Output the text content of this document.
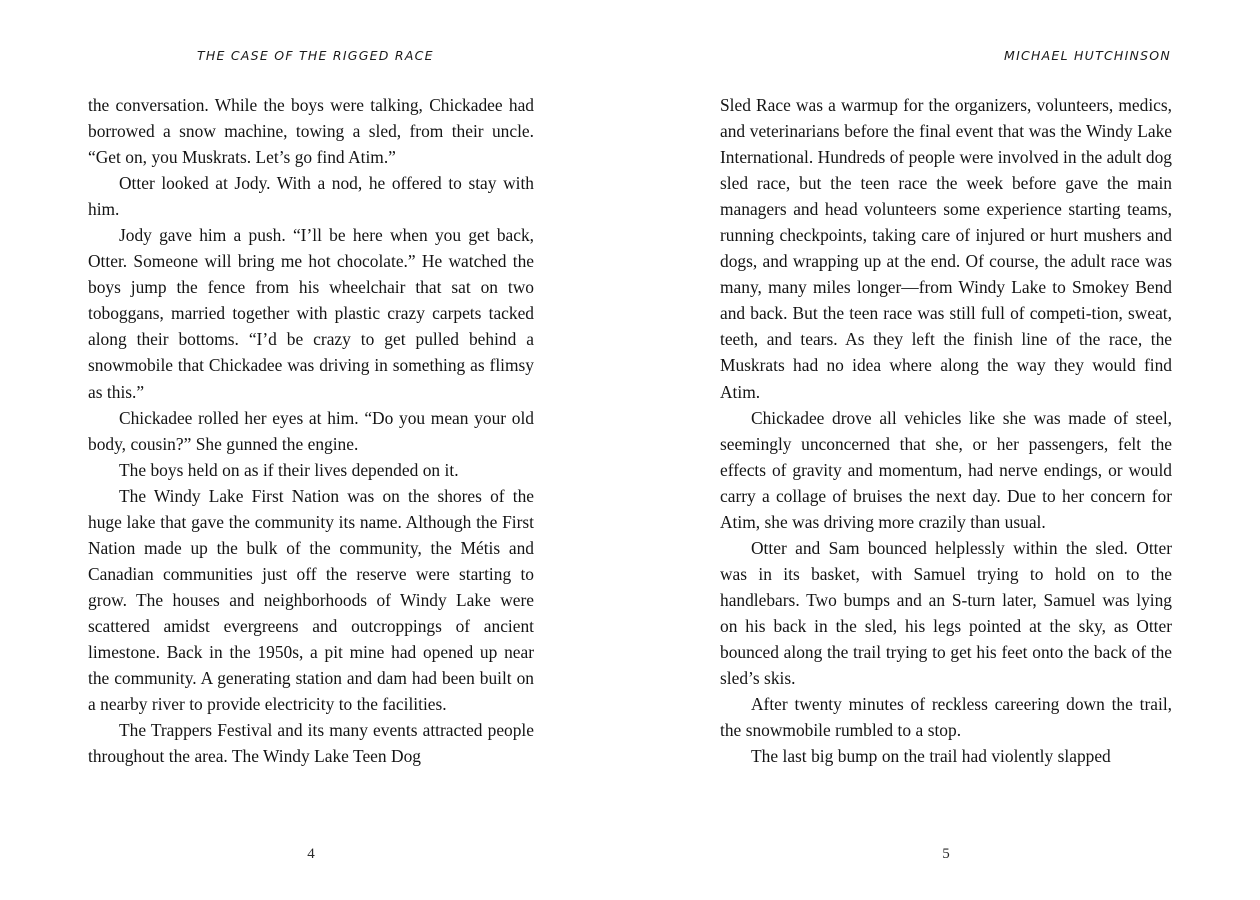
THE CASE OF THE RIGGED RACE	MICHAEL HUTCHINSON

the conversation. While the boys were talking, Chickadee had borrowed a snow machine, towing a sled, from their uncle. “Get on, you Muskrats. Let’s go find Atim.”

Otter looked at Jody. With a nod, he offered to stay with him.

Jody gave him a push. “I’ll be here when you get back, Otter. Someone will bring me hot chocolate.” He watched the boys jump the fence from his wheelchair that sat on two toboggans, married together with plastic crazy carpets tacked along their bottoms. “I’d be crazy to get pulled behind a snowmobile that Chickadee was driving in something as flimsy as this.”

Chickadee rolled her eyes at him. “Do you mean your old body, cousin?” She gunned the engine.

The boys held on as if their lives depended on it.

The Windy Lake First Nation was on the shores of the huge lake that gave the community its name. Although the First Nation made up the bulk of the community, the Métis and Canadian communities just off the reserve were starting to grow. The houses and neighborhoods of Windy Lake were scattered amidst evergreens and outcroppings of ancient limestone. Back in the 1950s, a pit mine had opened up near the community. A generating station and dam had been built on a nearby river to provide electricity to the facilities.

The Trappers Festival and its many events attracted people throughout the area. The Windy Lake Teen Dog

Sled Race was a warmup for the organizers, volunteers, medics, and veterinarians before the final event that was the Windy Lake International. Hundreds of people were involved in the adult dog sled race, but the teen race the week before gave the main managers and head volunteers some experience starting teams, running checkpoints, taking care of injured or hurt mushers and dogs, and wrapping up at the end. Of course, the adult race was many, many miles longer—from Windy Lake to Smokey Bend and back. But the teen race was still full of competi-tion, sweat, teeth, and tears. As they left the finish line of the race, the Muskrats had no idea where along the way they would find Atim.

Chickadee drove all vehicles like she was made of steel, seemingly unconcerned that she, or her passengers, felt the effects of gravity and momentum, had nerve endings, or would carry a collage of bruises the next day. Due to her concern for Atim, she was driving more crazily than usual.

Otter and Sam bounced helplessly within the sled. Otter was in its basket, with Samuel trying to hold on to the handlebars. Two bumps and an S-turn later, Samuel was lying on his back in the sled, his legs pointed at the sky, as Otter bounced along the trail trying to get his feet onto the back of the sled’s skis.

After twenty minutes of reckless careering down the trail, the snowmobile rumbled to a stop.

The last big bump on the trail had violently slapped

4	5
